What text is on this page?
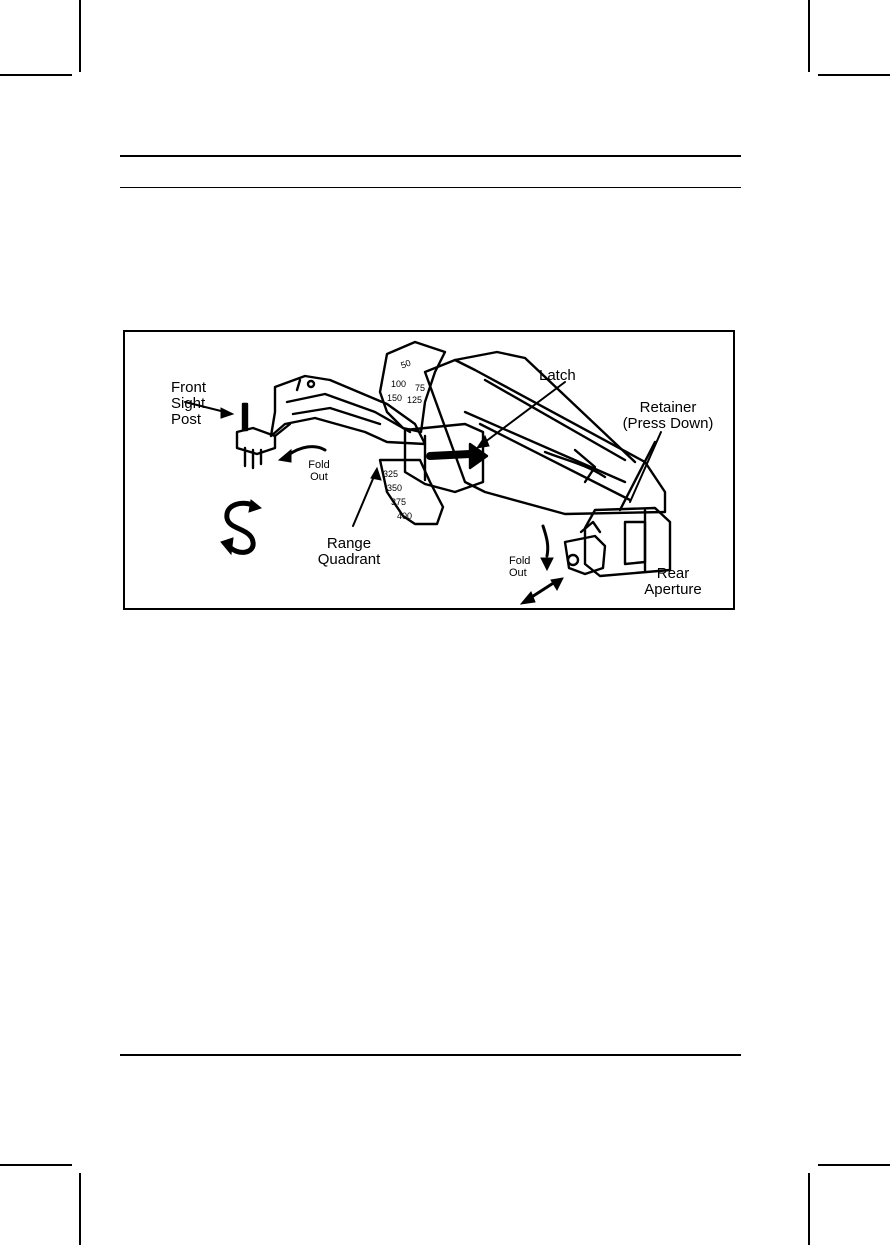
50
100 75
150 125
325
350
375
400
Front
Sight
Post
Latch
Retainer
(Press Down)
Fold
Out
Range
Quadrant	Fold
Out	Rear
Aperture
